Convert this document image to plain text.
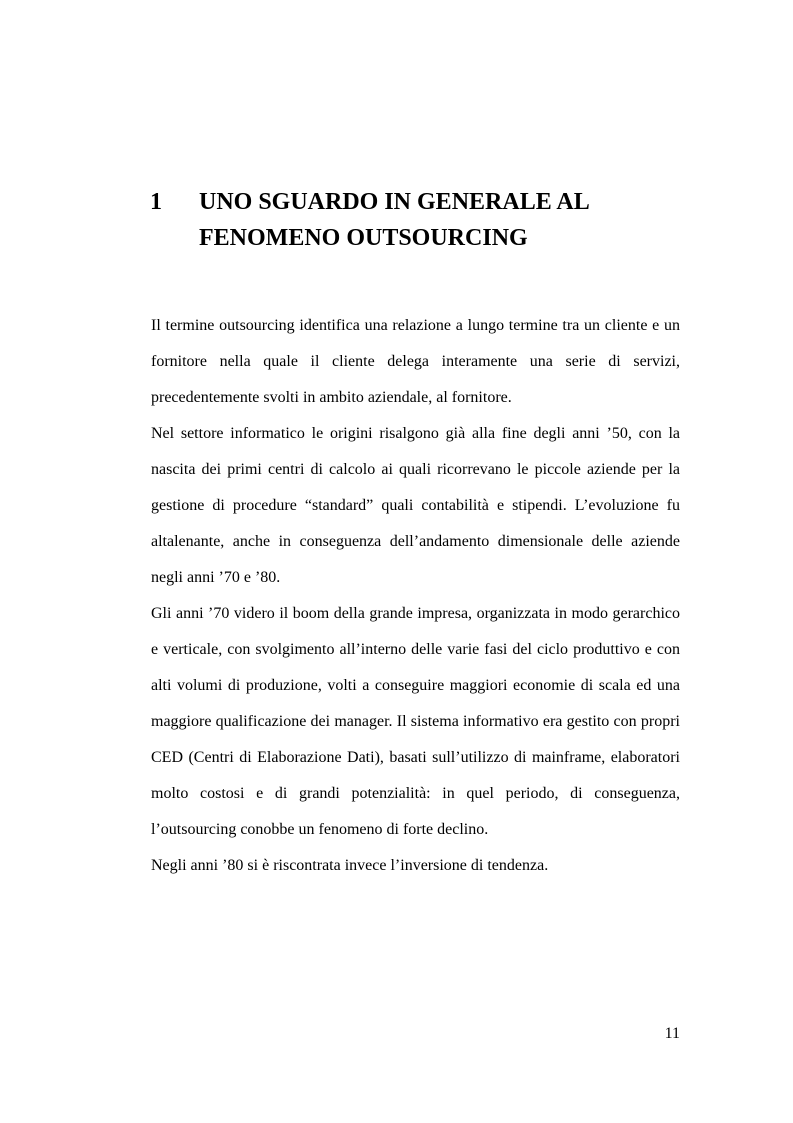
1	UNO SGUARDO IN GENERALE AL
FENOMENO OUTSOURCING

Il termine outsourcing identifica una relazione a lungo termine tra un cliente e un fornitore nella quale il cliente delega interamente una serie di servizi, precedentemente svolti in ambito aziendale, al fornitore.

Nel settore informatico le origini risalgono già alla fine degli anni ’50, con la nascita dei primi centri di calcolo ai quali ricorrevano le piccole aziende per la gestione di procedure “standard” quali contabilità e stipendi. L’evoluzione fu altalenante, anche in conseguenza dell’andamento dimensionale delle aziende negli anni ’70 e ’80.

Gli anni ’70 videro il boom della grande impresa, organizzata in modo gerarchico e verticale, con svolgimento all’interno delle varie fasi del ciclo produttivo e con alti volumi di produzione, volti a conseguire maggiori economie di scala ed una maggiore qualificazione dei manager. Il sistema informativo era gestito con propri CED (Centri di Elaborazione Dati), basati sull’utilizzo di mainframe, elaboratori molto costosi e di grandi potenzialità: in quel periodo, di conseguenza, l’outsourcing conobbe un fenomeno di forte declino.

Negli anni ’80 si è riscontrata invece l’inversione di tendenza.

11
